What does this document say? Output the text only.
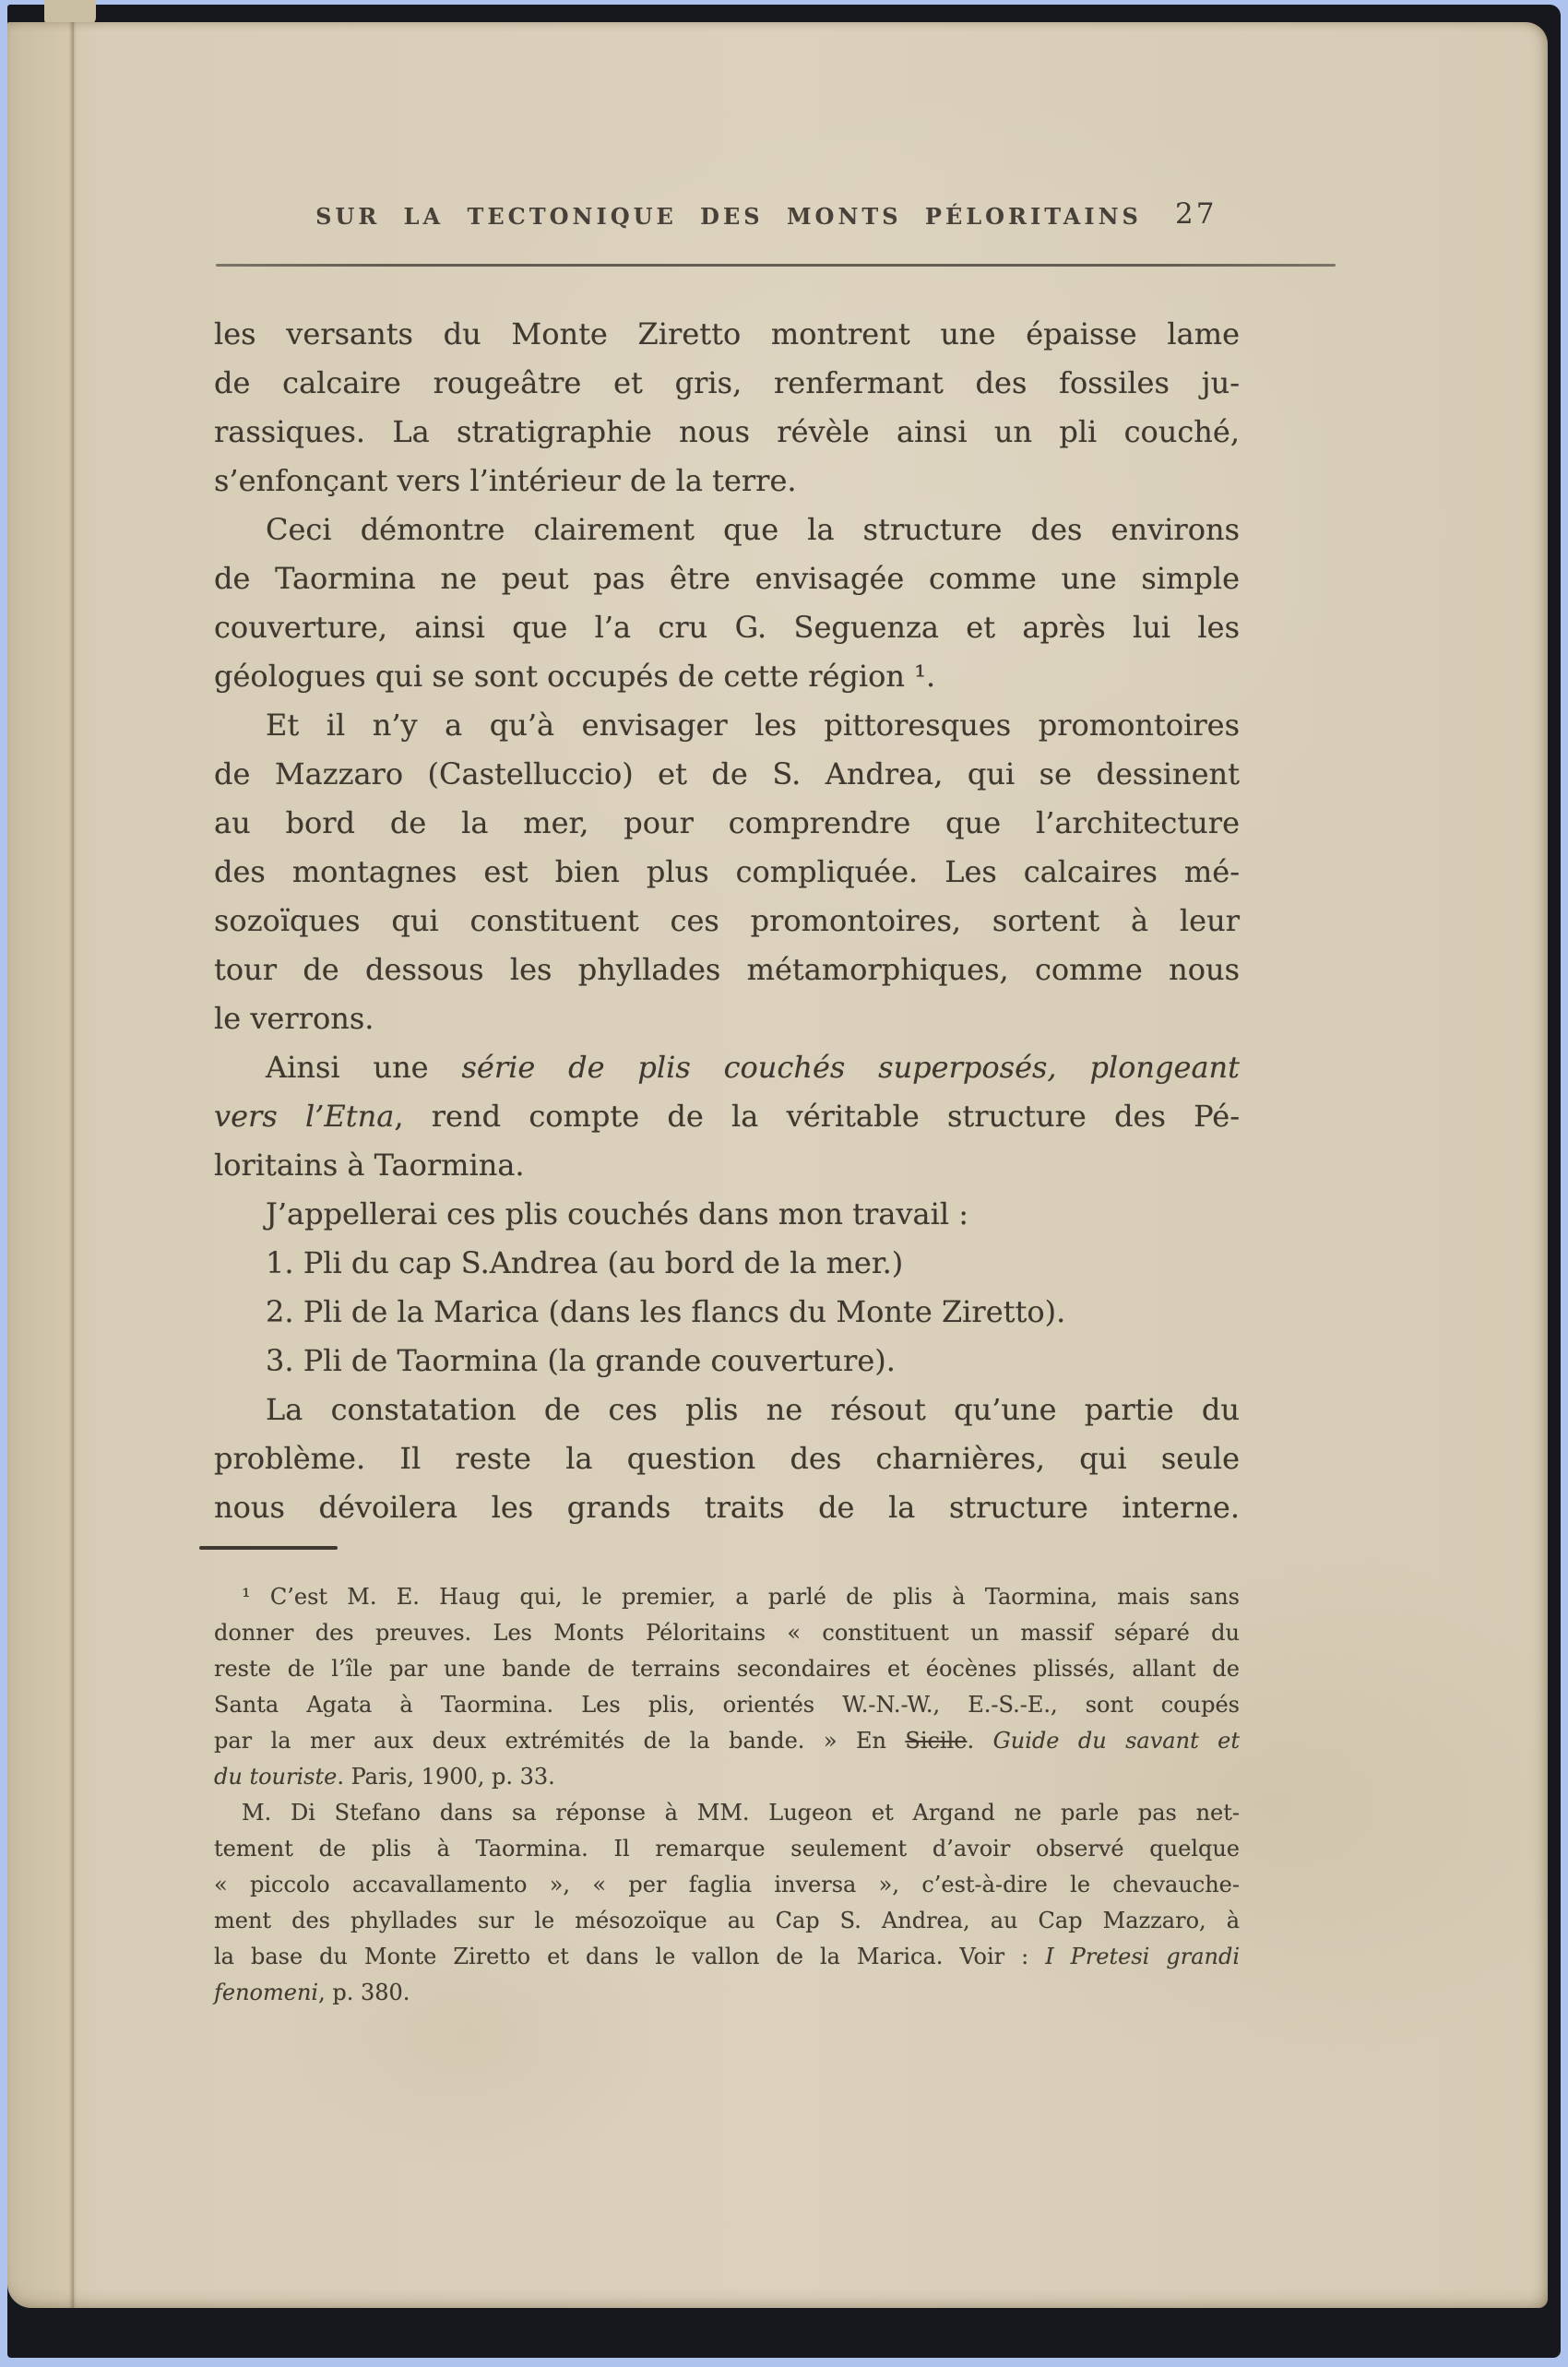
SUR LA TECTONIQUE DES MONTS PÉLORITAINS	27
les versants du Monte Ziretto montrent une épaisse lame
de calcaire rougeâtre et gris, renfermant des fossiles ju-
rassiques. La stratigraphie nous révèle ainsi un pli couché,
s’enfonçant vers l’intérieur de la terre.
Ceci démontre clairement que la structure des environs
de Taormina ne peut pas être envisagée comme une simple
couverture, ainsi que l’a cru G. Seguenza et après lui les
géologues qui se sont occupés de cette région ¹.
Et il n’y a qu’à envisager les pittoresques promontoires
de Mazzaro (Castelluccio) et de S. Andrea, qui se dessinent
au bord de la mer, pour comprendre que l’architecture
des montagnes est bien plus compliquée. Les calcaires mé-
sozoïques qui constituent ces promontoires, sortent à leur
tour de dessous les phyllades métamorphiques, comme nous
le verrons.
Ainsi une série de plis couchés superposés, plongeant
vers l’Etna, rend compte de la véritable structure des Pé-
loritains à Taormina.
J’appellerai ces plis couchés dans mon travail :
1. Pli du cap S.Andrea (au bord de la mer.)
2. Pli de la Marica (dans les flancs du Monte Ziretto).
3. Pli de Taormina (la grande couverture).
La constatation de ces plis ne résout qu’une partie du
problème. Il reste la question des charnières, qui seule
nous dévoilera les grands traits de la structure interne.
¹ C’est M. E. Haug qui, le premier, a parlé de plis à Taormina, mais sans
donner des preuves. Les Monts Péloritains « constituent un massif séparé du
reste de l’île par une bande de terrains secondaires et éocènes plissés, allant de
Santa Agata à Taormina. Les plis, orientés W.-N.-W., E.-S.-E., sont coupés
par la mer aux deux extrémités de la bande. » En Sicile. Guide du savant et
du touriste. Paris, 1900, p. 33.
M. Di Stefano dans sa réponse à MM. Lugeon et Argand ne parle pas net-
tement de plis à Taormina. Il remarque seulement d’avoir observé quelque
« piccolo accavallamento », « per faglia inversa », c’est-à-dire le chevauche-
ment des phyllades sur le mésozoïque au Cap S. Andrea, au Cap Mazzaro, à
la base du Monte Ziretto et dans le vallon de la Marica. Voir : I Pretesi grandi
fenomeni, p. 380.
